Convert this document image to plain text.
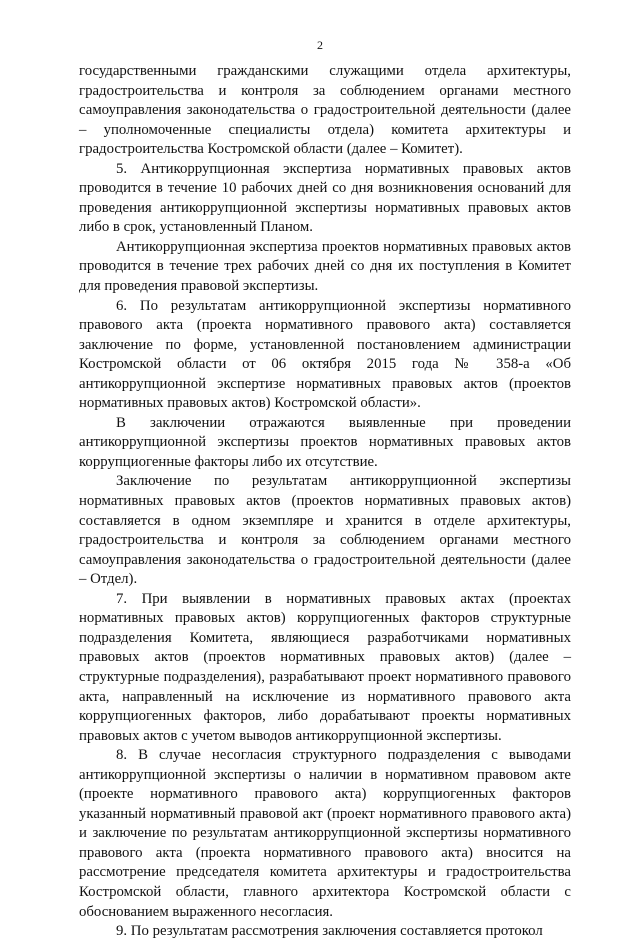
2

государственными гражданскими служащими отдела архитектуры, градостроительства и контроля за соблюдением органами местного самоуправления законодательства о градостроительной деятельности (далее – уполномоченные специалисты отдела) комитета архитектуры и градостроительства Костромской области (далее – Комитет).

5. Антикоррупционная экспертиза нормативных правовых актов проводится в течение 10 рабочих дней со дня возникновения оснований для проведения антикоррупционной экспертизы нормативных правовых актов либо в срок, установленный Планом.

Антикоррупционная экспертиза проектов нормативных правовых актов проводится в течение трех рабочих дней со дня их поступления в Комитет для проведения правовой экспертизы.

6. По результатам антикоррупционной экспертизы нормативного правового акта (проекта нормативного правового акта) составляется заключение по форме, установленной постановлением администрации Костромской области от 06 октября 2015 года № 358-а «Об антикоррупционной экспертизе нормативных правовых актов (проектов нормативных правовых актов) Костромской области».

В заключении отражаются выявленные при проведении антикоррупционной экспертизы проектов нормативных правовых актов коррупциогенные факторы либо их отсутствие.

Заключение по результатам антикоррупционной экспертизы нормативных правовых актов (проектов нормативных правовых актов) составляется в одном экземпляре и хранится в отделе архитектуры, градостроительства и контроля за соблюдением органами местного самоуправления законодательства о градостроительной деятельности (далее – Отдел).

7. При выявлении в нормативных правовых актах (проектах нормативных правовых актов) коррупциогенных факторов структурные подразделения Комитета, являющиеся разработчиками нормативных правовых актов (проектов нормативных правовых актов) (далее – структурные подразделения), разрабатывают проект нормативного правового акта, направленный на исключение из нормативного правового акта коррупциогенных факторов, либо дорабатывают проекты нормативных правовых актов с учетом выводов антикоррупционной экспертизы.

8. В случае несогласия структурного подразделения с выводами антикоррупционной экспертизы о наличии в нормативном правовом акте (проекте нормативного правового акта) коррупциогенных факторов указанный нормативный правовой акт (проект нормативного правового акта) и заключение по результатам антикоррупционной экспертизы нормативного правового акта (проекта нормативного правового акта) вносится на рассмотрение председателя комитета архитектуры и градостроительства Костромской области, главного архитектора Костромской области с обоснованием выраженного несогласия.

9. По результатам рассмотрения заключения составляется протокол
